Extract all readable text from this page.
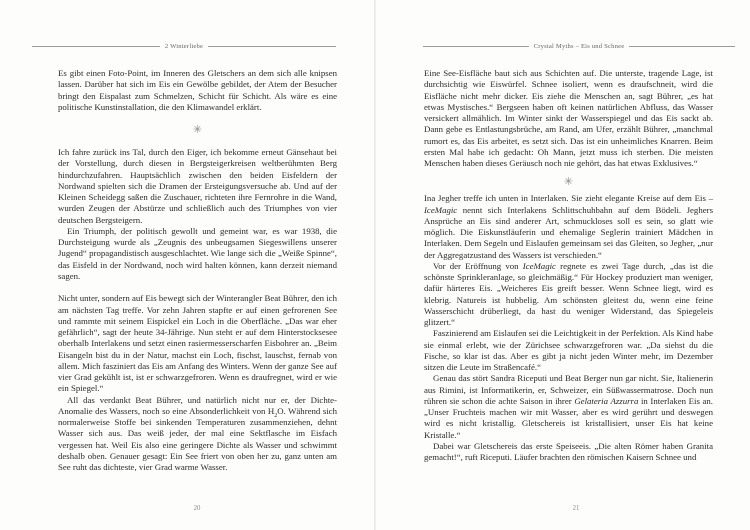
2 Winterliebe

Es gibt einen Foto-Point, im Inneren des Gletschers an dem sich alle knipsen lassen. Darüber hat sich im Eis ein Gewölbe gebildet, der Atem der Besucher bringt den Eispalast zum Schmelzen, Schicht für Schicht. Als wäre es eine politische Kunstinstallation, die den Klimawandel erklärt.

✳

Ich fahre zurück ins Tal, durch den Eiger, ich bekomme erneut Gänsehaut bei der Vorstellung, durch diesen in Bergsteigerkreisen weltberühmten Berg hindurchzufahren. Hauptsächlich zwischen den beiden Eisfeldern der Nordwand spielten sich die Dramen der Ersteigungsversuche ab. Und auf der Kleinen Scheidegg saßen die Zuschauer, richteten ihre Fernrohre in die Wand, wurden Zeugen der Abstürze und schließlich auch des Triumphes von vier deutschen Bergsteigern.

Ein Triumph, der politisch gewollt und gemeint war, es war 1938, die Durchsteigung wurde als „Zeugnis des unbeugsamen Siegeswillens unserer Jugend“ propagandistisch ausgeschlachtet. Wie lange sich die „Weiße Spinne“, das Eisfeld in der Nordwand, noch wird halten können, kann derzeit niemand sagen.

Nicht unter, sondern auf Eis bewegt sich der Winterangler Beat Bührer, den ich am nächsten Tag treffe. Vor zehn Jahren stapfte er auf einen gefrorenen See und rammte mit seinem Eispickel ein Loch in die Oberfläche. „Das war eher gefährlich“, sagt der heute 34-Jährige. Nun steht er auf dem Hinterstocksesee oberhalb Interlakens und setzt einen rasiermesserscharfen Eisbohrer an. „Beim Eisangeln bist du in der Natur, machst ein Loch, fischst, lauschst, fernab von allem. Mich fasziniert das Eis am Anfang des Winters. Wenn der ganze See auf vier Grad gekühlt ist, ist er schwarzgefroren. Wenn es draufregnet, wird er wie ein Spiegel.“

All das verdankt Beat Bührer, und natürlich nicht nur er, der Dichte-Anomalie des Wassers, noch so eine Absonderlichkeit von $H_2O$. Während sich normalerweise Stoffe bei sinkenden Temperaturen zusammenziehen, dehnt Wasser sich aus. Das weiß jeder, der mal eine Sektflasche im Eisfach vergessen hat. Weil Eis also eine geringere Dichte als Wasser und schwimmt deshalb oben. Genauer gesagt: Ein See friert von oben her zu, ganz unten am See ruht das dichteste, vier Grad warme Wasser.

20
Crystal Myths – Eis und Schnee

Eine See-Eisfläche baut sich aus Schichten auf. Die unterste, tragende Lage, ist durchsichtig wie Eiswürfel. Schnee isoliert, wenn es draufschneit, wird die Eisfläche nicht mehr dicker. Eis ziehe die Menschen an, sagt Bührer, „es hat etwas Mystisches.“ Bergseen haben oft keinen natürlichen Abfluss, das Wasser versickert allmählich. Im Winter sinkt der Wasserspiegel und das Eis sackt ab. Dann gebe es Entlastungsbrüche, am Rand, am Ufer, erzählt Bührer, „manchmal rumort es, das Eis arbeitet, es setzt sich. Das ist ein unheimliches Knarren. Beim ersten Mal habe ich gedacht: Oh Mann, jetzt muss ich sterben. Die meisten Menschen haben dieses Geräusch noch nie gehört, das hat etwas Exklusives.“

✳

Ina Jegher treffe ich unten in Interlaken. Sie zieht elegante Kreise auf dem Eis – IceMagic nennt sich Interlakens Schlittschuhbahn auf dem Bödeli. Jeghers Ansprüche an Eis sind anderer Art, schmuckloses soll es sein, so glatt wie möglich. Die Eiskunstläuferin und ehemalige Seglerin trainiert Mädchen in Interlaken. Dem Segeln und Eislaufen gemeinsam sei das Gleiten, so Jegher, „nur der Aggregatzustand des Wassers ist verschieden.“

Vor der Eröffnung von IceMagic regnete es zwei Tage durch, „das ist die schönste Sprinkleranlage, so gleichmäßig.“ Für Hockey produziert man weniger, dafür härteres Eis. „Weicheres Eis greift besser. Wenn Schnee liegt, wird es klebrig. Natureis ist hubbelig. Am schönsten gleitest du, wenn eine feine Wasserschicht drüberliegt, da hast du weniger Widerstand, das Spiegeleis glitzert.“

Faszinierend am Eislaufen sei die Leichtigkeit in der Perfektion. Als Kind habe sie einmal erlebt, wie der Zürichsee schwarzgefroren war. „Da siehst du die Fische, so klar ist das. Aber es gibt ja nicht jeden Winter mehr, im Dezember sitzen die Leute im Straßencafé.“

Genau das stört Sandra Riceputi und Beat Berger nun gar nicht. Sie, Italienerin aus Rimini, ist Informatikerin, er, Schweizer, ein Süßwassermatrose. Doch nun rühren sie schon die achte Saison in ihrer Gelateria Azzurra in Interlaken Eis an. „Unser Fruchteis machen wir mit Wasser, aber es wird gerührt und deswegen wird es nicht kristallig. Gletschereis ist kristallisiert, unser Eis hat keine Kristalle.“

Dabei war Gletschereis das erste Speiseeis. „Die alten Römer haben Granita gemacht!“, ruft Riceputi. Läufer brachten den römischen Kaisern Schnee und

21
